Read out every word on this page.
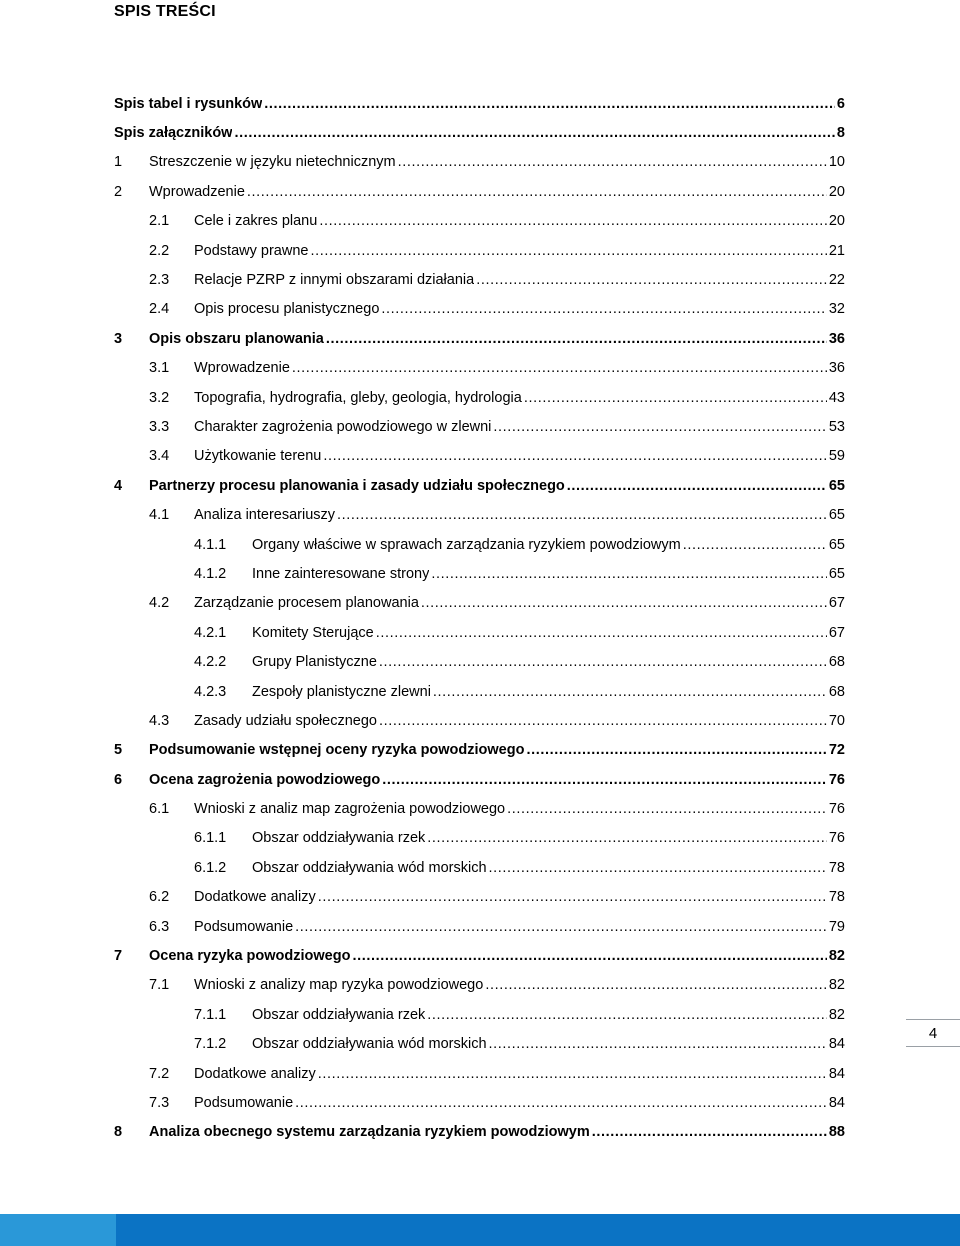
SPIS TREŚCI
Spis tabel i rysunków .....	6
Spis załączników .....	8
1	Streszczenie w języku nietechnicznym .....	10
2	Wprowadzenie .....	20
2.1	Cele i zakres planu .....	20
2.2	Podstawy prawne .....	21
2.3	Relacje PZRP z innymi obszarami działania .....	22
2.4	Opis procesu planistycznego .....	32
3	Opis obszaru planowania .....	36
3.1	Wprowadzenie .....	36
3.2	Topografia, hydrografia, gleby, geologia, hydrologia .....	43
3.3	Charakter zagrożenia powodziowego w zlewni .....	53
3.4	Użytkowanie terenu .....	59
4	Partnerzy procesu planowania i zasady udziału społecznego .....	65
4.1	Analiza interesariuszy .....	65
4.1.1	Organy właściwe w sprawach zarządzania ryzykiem powodziowym .....	65
4.1.2	Inne zainteresowane strony .....	65
4.2	Zarządzanie procesem planowania .....	67
4.2.1	Komitety Sterujące .....	67
4.2.2	Grupy Planistyczne .....	68
4.2.3	Zespoły planistyczne zlewni .....	68
4.3	Zasady udziału społecznego .....	70
5	Podsumowanie wstępnej oceny ryzyka powodziowego .....	72
6	Ocena zagrożenia powodziowego .....	76
6.1	Wnioski z analiz map zagrożenia powodziowego .....	76
6.1.1	Obszar oddziaływania rzek .....	76
6.1.2	Obszar oddziaływania wód morskich .....	78
6.2	Dodatkowe analizy .....	78
6.3	Podsumowanie .....	79
7	Ocena ryzyka powodziowego .....	82
7.1	Wnioski z analizy map ryzyka powodziowego .....	82
7.1.1	Obszar oddziaływania rzek .....	82
7.1.2	Obszar oddziaływania wód morskich .....	84
7.2	Dodatkowe analizy .....	84
7.3	Podsumowanie .....	84
8	Analiza obecnego systemu zarządzania ryzykiem powodziowym .....	88
4
